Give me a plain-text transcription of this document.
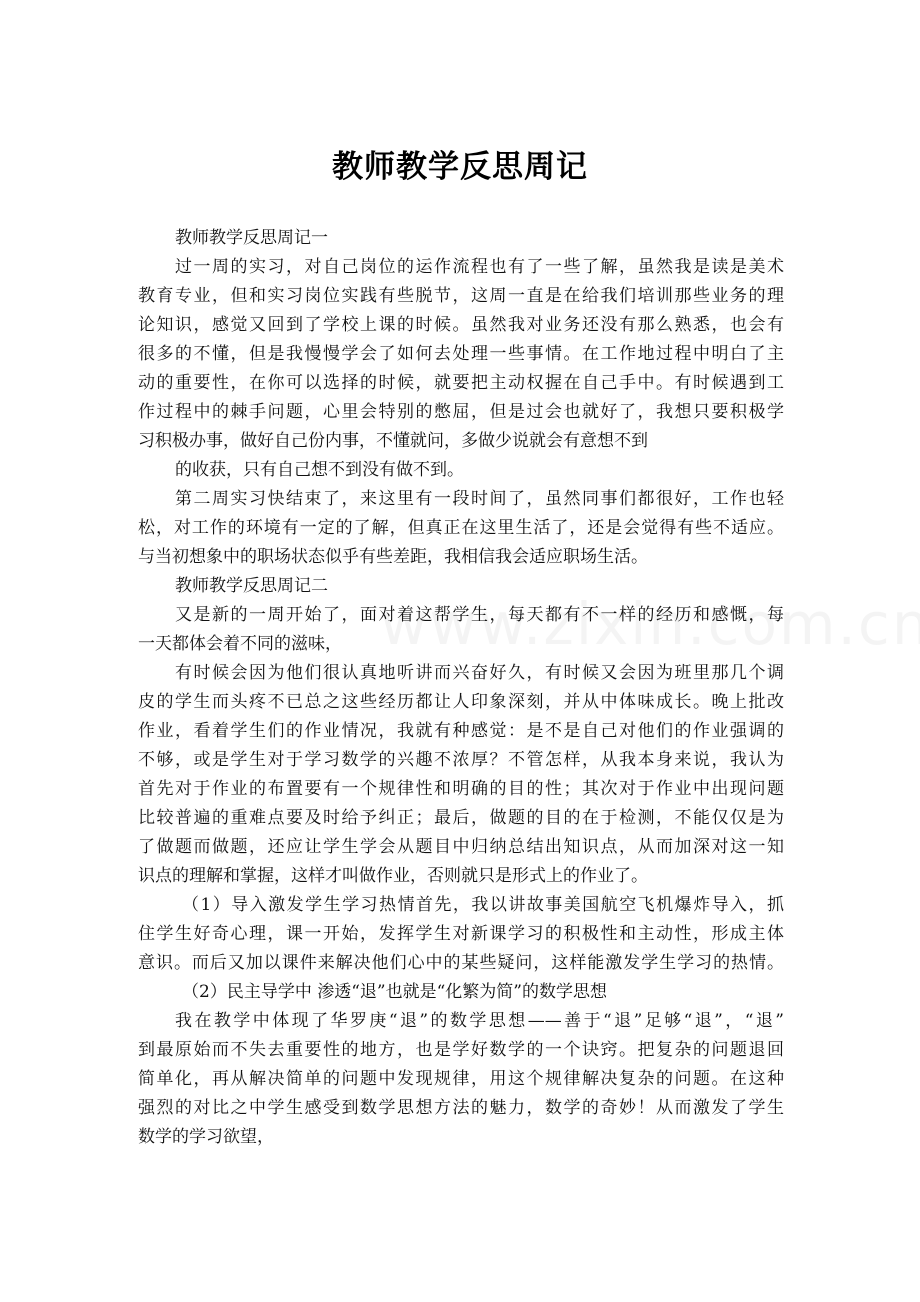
教师教学反思周记
教师教学反思周记一
过一周的实习，对自己岗位的运作流程也有了一些了解，虽然我是读是美术
教育专业，但和实习岗位实践有些脱节，这周一直是在给我们培训那些业务的理
论知识，感觉又回到了学校上课的时候。虽然我对业务还没有那么熟悉，也会有
很多的不懂，但是我慢慢学会了如何去处理一些事情。在工作地过程中明白了主
动的重要性，在你可以选择的时候，就要把主动权握在自己手中。有时候遇到工
作过程中的棘手问题，心里会特别的憋屈，但是过会也就好了，我想只要积极学
习积极办事，做好自己份内事，不懂就问，多做少说就会有意想不到
的收获，只有自己想不到没有做不到。
第二周实习快结束了，来这里有一段时间了，虽然同事们都很好，工作也轻
松，对工作的环境有一定的了解，但真正在这里生活了，还是会觉得有些不适应。
与当初想象中的职场状态似乎有些差距，我相信我会适应职场生活。
教师教学反思周记二
又是新的一周开始了，面对着这帮学生，每天都有不一样的经历和感慨，每
一天都体会着不同的滋味，
有时候会因为他们很认真地听讲而兴奋好久，有时候又会因为班里那几个调
皮的学生而头疼不已总之这些经历都让人印象深刻，并从中体味成长。晚上批改
作业，看着学生们的作业情况，我就有种感觉：是不是自己对他们的作业强调的
不够，或是学生对于学习数学的兴趣不浓厚？不管怎样，从我本身来说，我认为
首先对于作业的布置要有一个规律性和明确的目的性；其次对于作业中出现问题
比较普遍的重难点要及时给予纠正；最后，做题的目的在于检测，不能仅仅是为
了做题而做题，还应让学生学会从题目中归纳总结出知识点，从而加深对这一知
识点的理解和掌握，这样才叫做作业，否则就只是形式上的作业了。
（1）导入激发学生学习热情首先，我以讲故事美国航空飞机爆炸导入，抓
住学生好奇心理，课一开始，发挥学生对新课学习的积极性和主动性，形成主体
意识。而后又加以课件来解决他们心中的某些疑问，这样能激发学生学习的热情。
（2）民主导学中 渗透“退”也就是“化繁为简”的数学思想
我在教学中体现了华罗庚“退”的数学思想——善于“退”足够“退”，“退”
到最原始而不失去重要性的地方，也是学好数学的一个诀窍。把复杂的问题退回
简单化，再从解决简单的问题中发现规律，用这个规律解决复杂的问题。在这种
强烈的对比之中学生感受到数学思想方法的魅力，数学的奇妙！从而激发了学生
数学的学习欲望，
